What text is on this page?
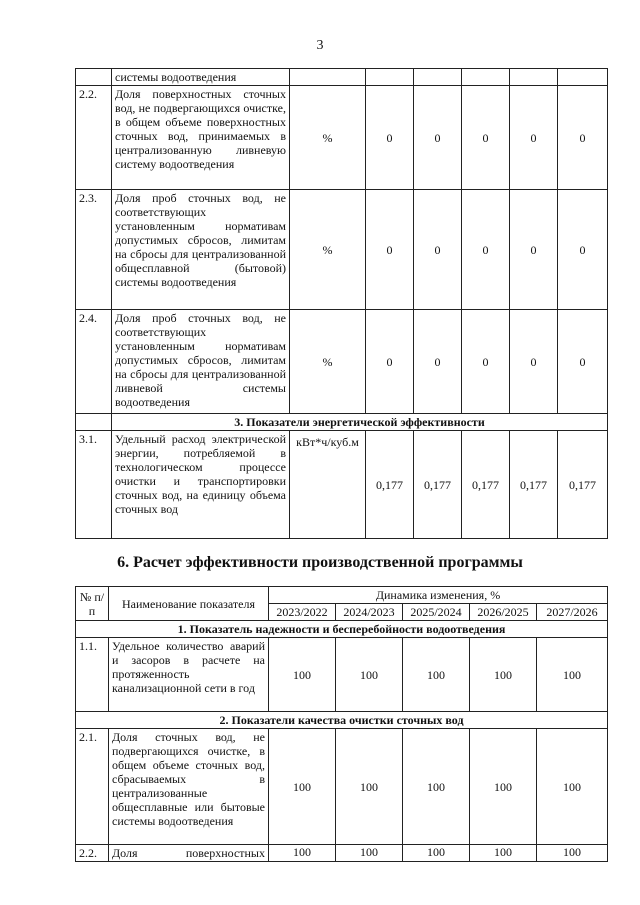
3
	системы водоотведения						
2.2.	Доля поверхностных сточных вод, не подвергающихся очистке, в общем объеме поверхностных сточных вод, принимаемых в централизованную ливневую систему водоотведения	%	0	0	0	0	0
2.3.	Доля проб сточных вод, не соответствующих установленным нормативам допустимых сбросов, лимитам на сбросы для централизованной общесплавной (бытовой) системы водоотведения	%	0	0	0	0	0
2.4.	Доля проб сточных вод, не соответствующих установленным нормативам допустимых сбросов, лимитам на сбросы для централизованной ливневой системы водоотведения	%	0	0	0	0	0
	3. Показатели энергетической эффективности						
3.1.	Удельный расход электрической энергии, потребляемой в технологическом процессе очистки и транспортировки сточных вод, на единицу объема сточных вод	кВт*ч/куб.м	0,177	0,177	0,177	0,177	0,177
6. Расчет эффективности производственной программы
№ п/п	Наименование показателя	Динамика изменения, %				
		2023/2022	2024/2023	2025/2024	2026/2025	2027/2026
1. Показатель надежности и бесперебойности водоотведения						
1.1.	Удельное количество аварий и засоров в расчете на протяженность канализационной сети в год	100	100	100	100	100
2. Показатели качества очистки сточных вод						
2.1.	Доля сточных вод, не подвергающихся очистке, в общем объеме сточных вод, сбрасываемых в централизованные общесплавные или бытовые системы водоотведения	100	100	100	100	100
2.2.	Доля поверхностных	100	100	100	100	100
